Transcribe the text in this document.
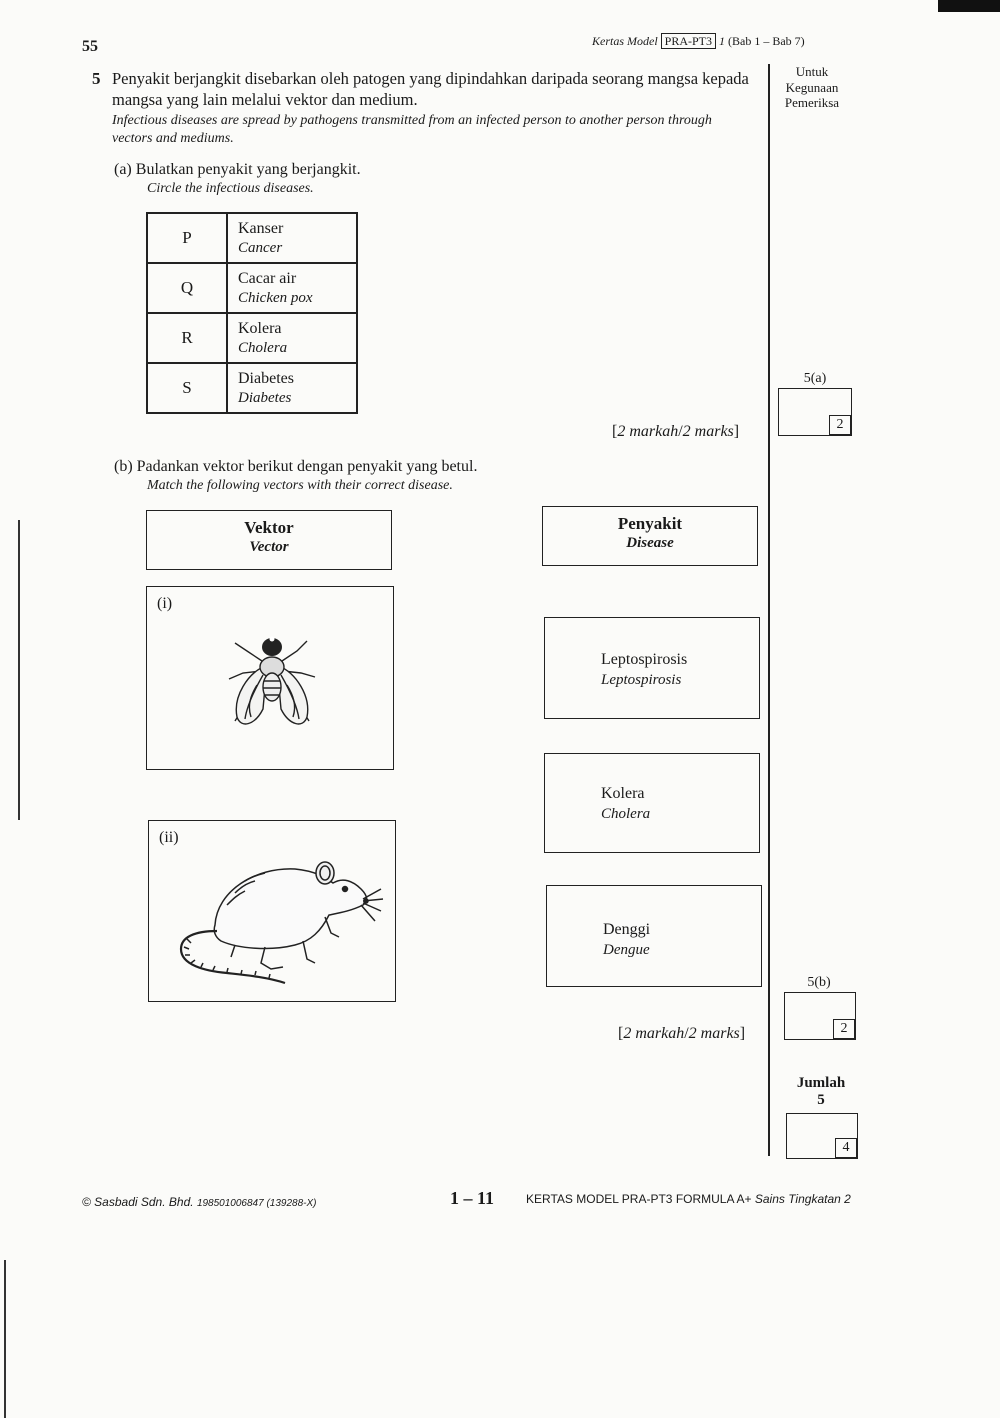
55	Kertas Model PRA-PT3 1 (Bab 1 – Bab 7)
Untuk
Kegunaan
Pemeriksa
5 Penyakit berjangkit disebarkan oleh patogen yang dipindahkan daripada seorang mangsa kepada mangsa yang lain melalui vektor dan medium.
Infectious diseases are spread by pathogens transmitted from an infected person to another person through vectors and mediums.
(a) Bulatkan penyakit yang berjangkit.
Circle the infectious diseases.
P	Kanser
Cancer

Q	Cacar air
Chicken pox

R	Kolera
Cholera

S	Diabetes
Diabetes
[2 markah/2 marks]
5(a)
2
(b) Padankan vektor berikut dengan penyakit yang betul.
Match the following vectors with their correct disease.
Vektor
Vector
Penyakit
Disease
(i)
(ii)
Leptospirosis
Leptospirosis
Kolera
Cholera
Denggi
Dengue
[2 markah/2 marks]
5(b)
2
Jumlah
5
4
© Sasbadi Sdn. Bhd. 198501006847 (139288-X)	1 – 11	KERTAS MODEL PRA-PT3 FORMULA A+ Sains Tingkatan 2
